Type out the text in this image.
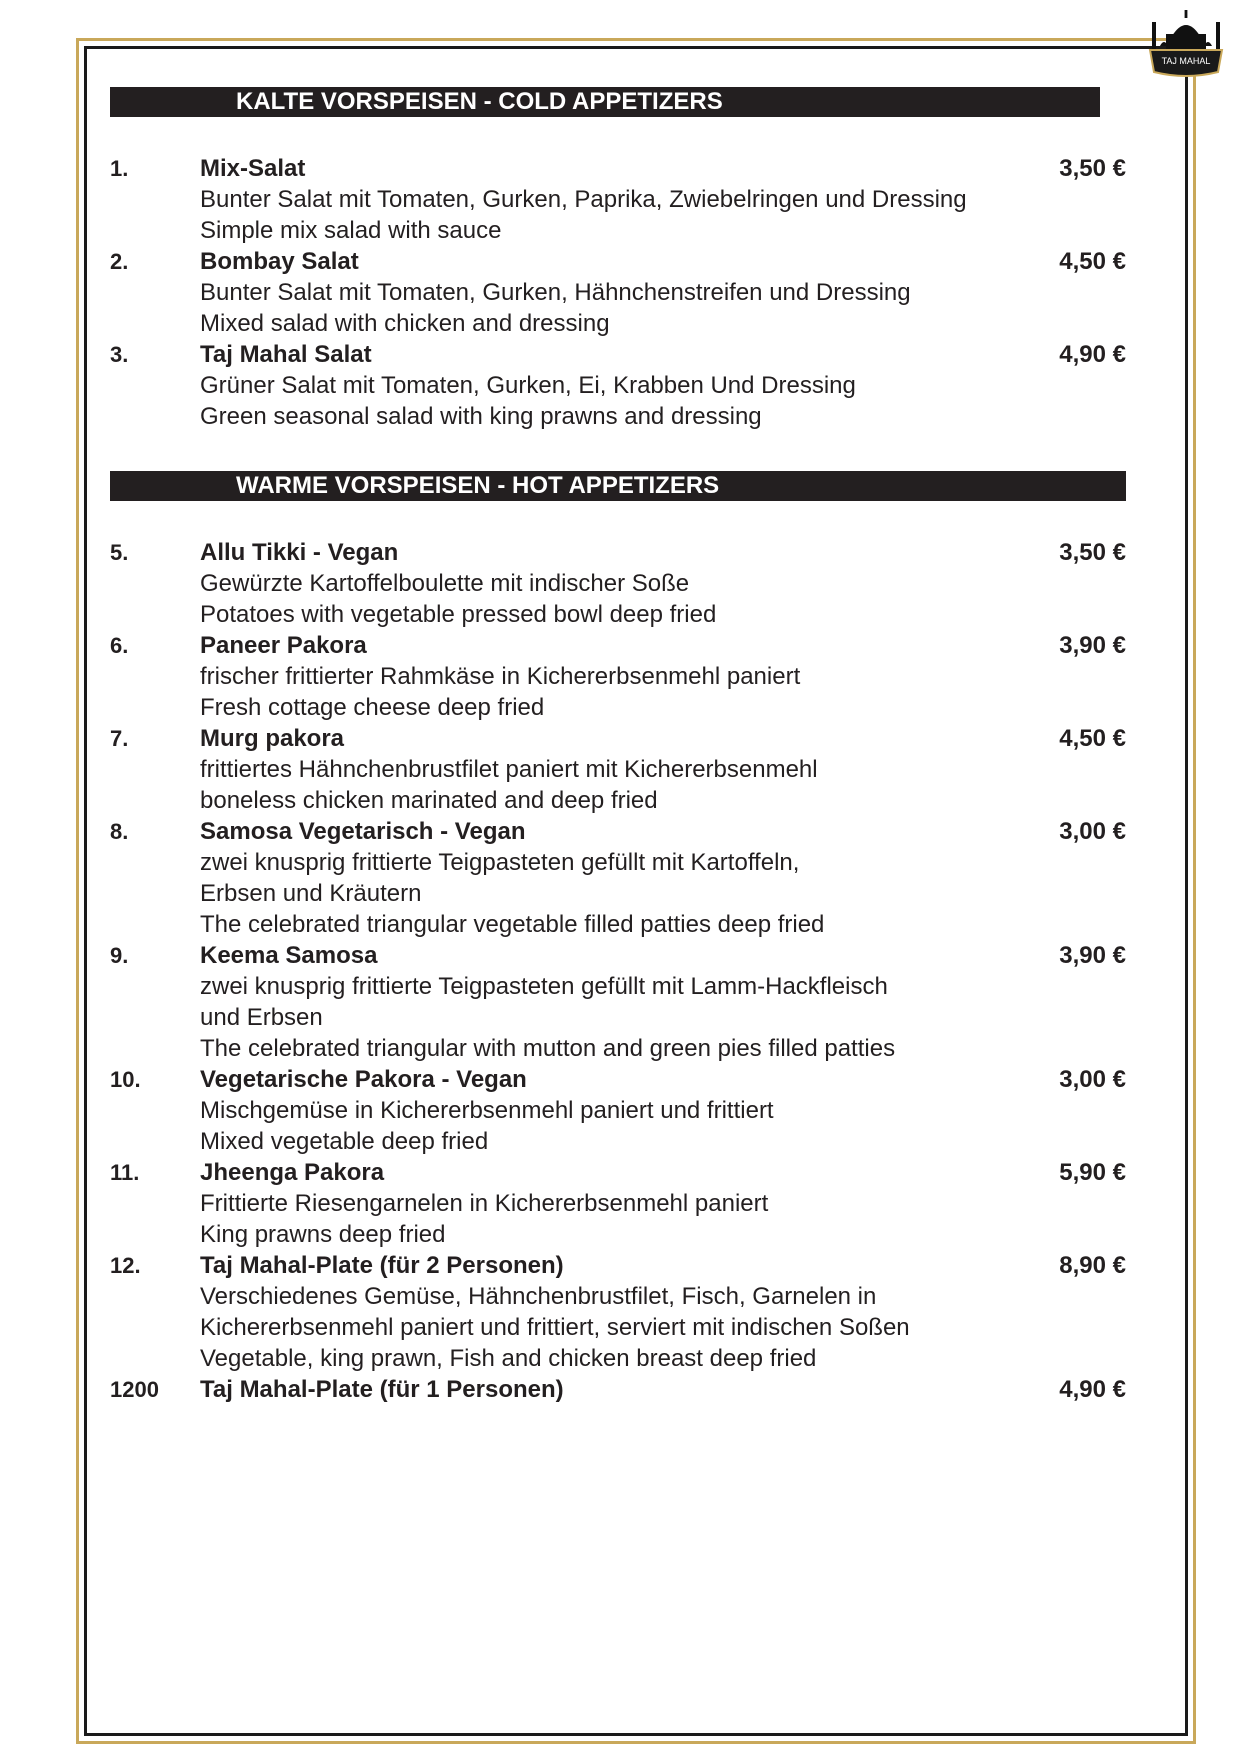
TAJ MAHAL
KALTE VORSPEISEN - COLD APPETIZERS
1.	Mix-Salat	3,50 €
Bunter Salat mit Tomaten, Gurken, Paprika, Zwiebelringen und Dressing
Simple mix salad with sauce
2.	Bombay Salat	4,50 €
Bunter Salat mit Tomaten, Gurken, Hähnchenstreifen und Dressing
Mixed salad with chicken and dressing
3.	Taj Mahal Salat	4,90 €
Grüner Salat mit Tomaten, Gurken, Ei, Krabben Und Dressing
Green seasonal salad with king prawns and dressing
WARME VORSPEISEN - HOT APPETIZERS
5.	Allu Tikki - Vegan	3,50 €
Gewürzte Kartoffelboulette mit indischer Soße
Potatoes with vegetable pressed bowl deep fried
6.	Paneer Pakora	3,90 €
frischer frittierter Rahmkäse in Kichererbsenmehl paniert
Fresh cottage cheese deep fried
7.	Murg pakora	4,50 €
frittiertes Hähnchenbrustfilet paniert mit Kichererbsenmehl
boneless chicken marinated and deep fried
8.	Samosa Vegetarisch - Vegan	3,00 €
zwei knusprig frittierte Teigpasteten gefüllt mit Kartoffeln,
Erbsen und Kräutern
The celebrated triangular vegetable filled patties deep fried
9.	Keema Samosa	3,90 €
zwei knusprig frittierte Teigpasteten gefüllt mit Lamm-Hackfleisch
und Erbsen
The celebrated triangular with mutton and green pies filled patties
10. Vegetarische Pakora - Vegan	3,00 €
Mischgemüse in Kichererbsenmehl paniert und frittiert
Mixed vegetable deep fried
11.	Jheenga Pakora	5,90 €
Frittierte Riesengarnelen in Kichererbsenmehl paniert
King prawns deep fried
12. Taj Mahal-Plate (für 2 Personen)	8,90 €
Verschiedenes Gemüse, Hähnchenbrustfilet, Fisch, Garnelen in
Kichererbsenmehl paniert und frittiert, serviert mit indischen Soßen
Vegetable, king prawn, Fish and chicken breast deep fried
1200 Taj Mahal-Plate (für 1 Personen)	4,90 €
